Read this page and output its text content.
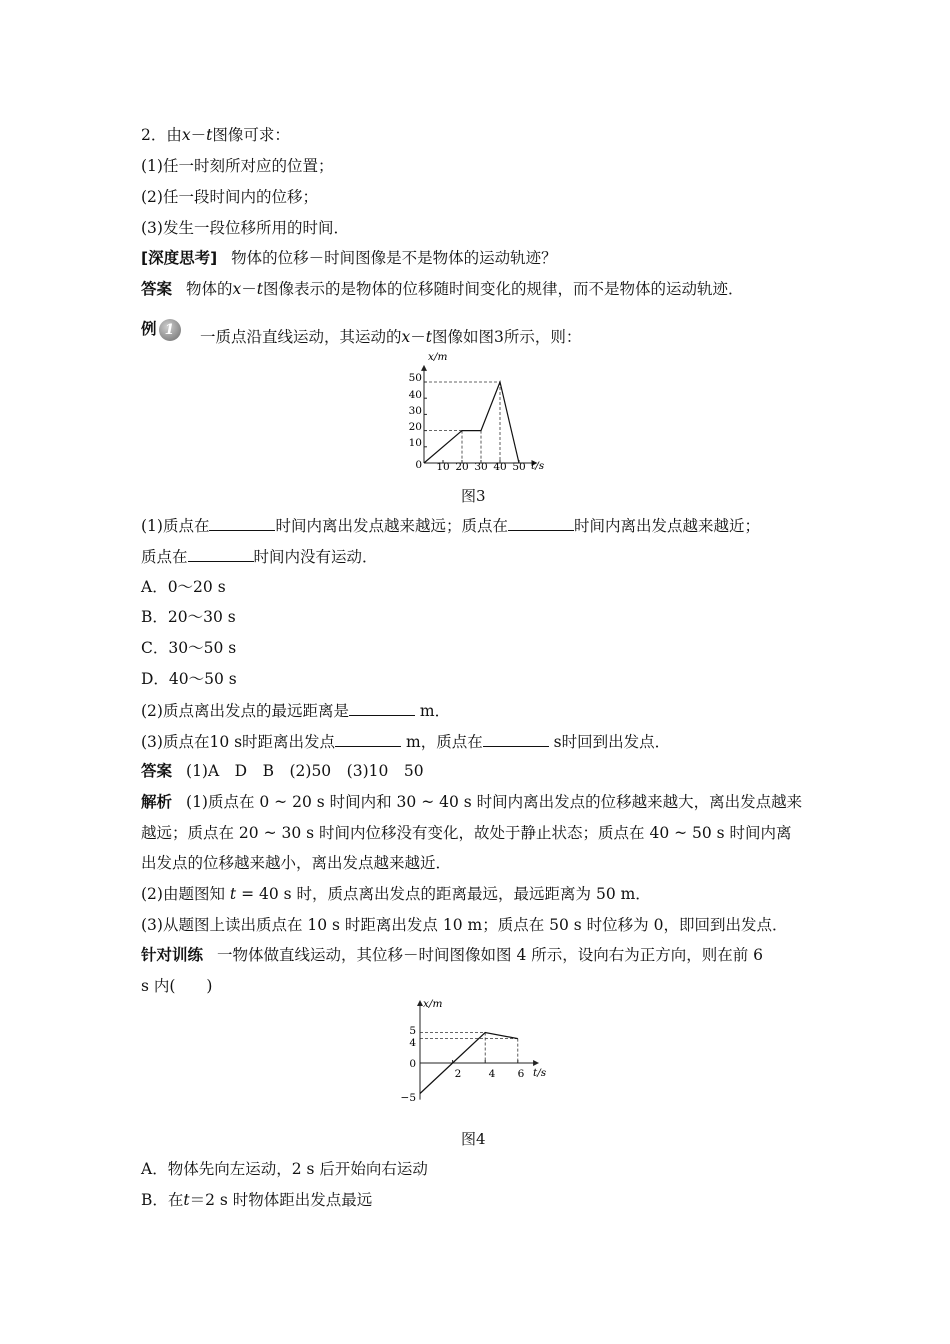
2．由x－t图像可求：
(1)任一时刻所对应的位置；
(2)任一段时间内的位移；
(3)发生一段位移所用的时间．
[深度思考] 物体的位移－时间图像是不是物体的运动轨迹？
答案 物体的x－t图像表示的是物体的位移随时间变化的规律，而不是物体的运动轨迹．
例 1	一质点沿直线运动，其运动的x－t图像如图3所示，则：
10
20
30
40
50
10 20 30 40 50
0
x/m
t/s
图3
(1)质点在	时间内离出发点越来越远；质点在	时间内离出发点越来越近；
质点在	时间内没有运动．
A．0～20 s
B．20～30 s
C．30～50 s
D．40～50 s
(2)质点离出发点的最远距离是	m．
(3)质点在10 s时距离出发点	m，质点在	s时回到出发点．
答案 (1)A　D　B　(2)50　(3)10　50
解析 (1)质点在 0 ~ 20 s 时间内和 30 ~ 40 s 时间内离出发点的位移越来越大，离出发点越来
越远；质点在 20 ~ 30 s 时间内位移没有变化，故处于静止状态；质点在 40 ~ 50 s 时间内离
出发点的位移越来越小，离出发点越来越近．
(2)由题图知 t = 40 s 时，质点离出发点的距离最远，最远距离为 50 m．
(3)从题图上读出质点在 10 s 时距离出发点 10 m；质点在 50 s 时位移为 0，即回到出发点．
针对训练 一物体做直线运动，其位移－时间图像如图 4 所示，设向右为正方向，则在前 6
s 内(　　)
5
4
−5
0
2	4 6
x/m
t/s
图4
A．物体先向左运动，2 s 后开始向右运动
B．在t＝2 s 时物体距出发点最远
